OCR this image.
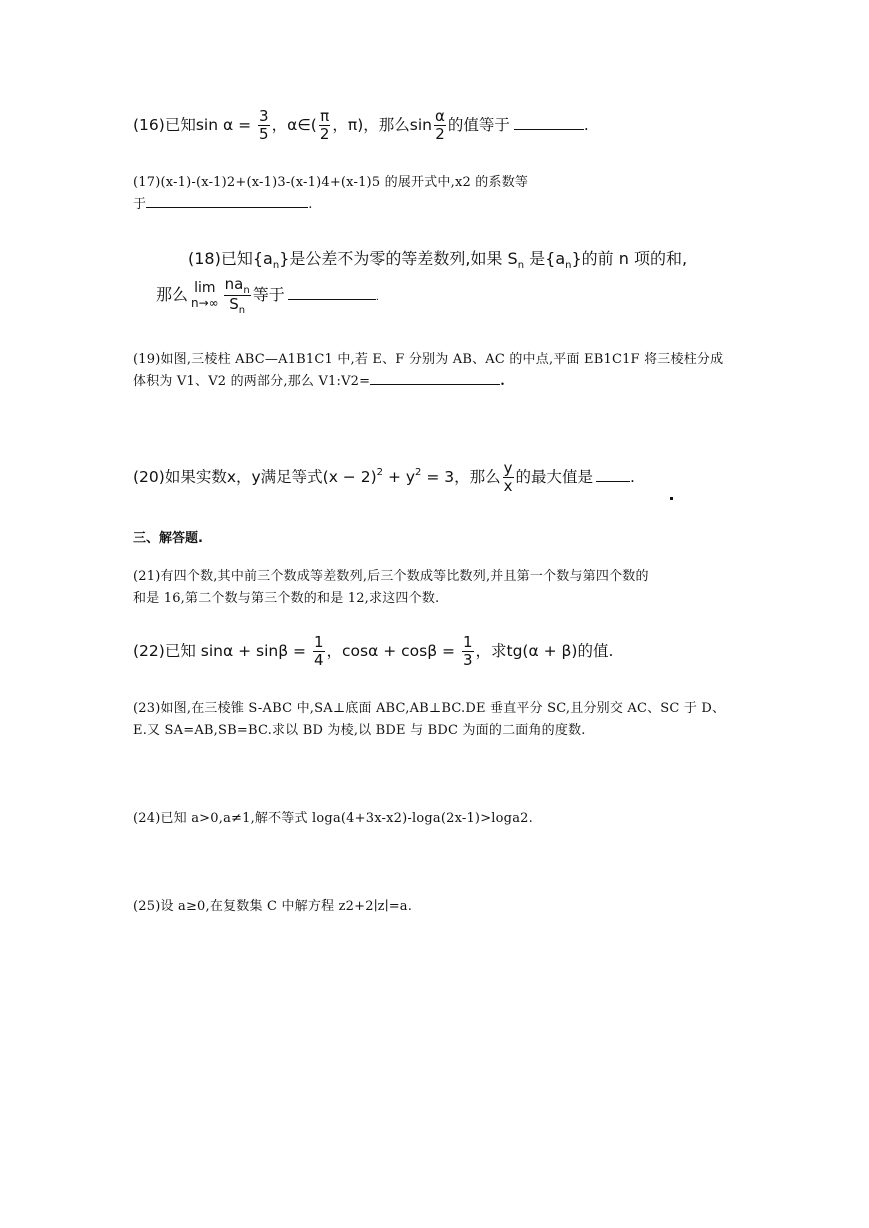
(16)已知$\sin \alpha = \frac{3}{5}$ ，α∈( $\frac{\pi}{2}$ ，π)，那么$\sin \frac{\alpha}{2}$ 的值等于	.
(17)(x-1)-(x-1)2+(x-1)3-(x-1)4+(x-1)5 的展开式中,x2 的系数等
于	.
(18)已知$\{a_n\}$是公差不为零的等差数列,如果 $S_n$ 是$\{a_n\}$的前 n 项的和,
那么 lim
$n\to\infty \frac{na_n}{S_n}$ 等于	.
(19)如图,三棱柱 ABC—A1B1C1 中,若 E、F 分别为 AB、AC 的中点,平面 EB1C1F 将三棱柱分成
体积为 V1、V2 的两部分,那么 V1:V2=	.
(20)如果实数x，y满足等式$(x - 2)^2 + y^2 = 3$，那么 $\frac{y}{x}$ 的最大值是 .
三、解答题.
(21)有四个数,其中前三个数成等差数列,后三个数成等比数列,并且第一个数与第四个数的
和是 16,第二个数与第三个数的和是 12,求这四个数.
(22)已知 $\sin\alpha + \sin\beta = \frac{1}{4}$ ，$\cos\alpha + \cos\beta = \frac{1}{3}$ ，求tg(α + β)的值.
(23)如图,在三棱锥 S-ABC 中,SA⊥底面 ABC,AB⊥BC.DE 垂直平分 SC,且分别交 AC、SC 于 D、
E.又 SA=AB,SB=BC.求以 BD 为棱,以 BDE 与 BDC 为面的二面角的度数.
(24)已知 a>0,a≠1,解不等式 loga(4+3x-x2)-loga(2x-1)>loga2.
(25)设 a≥0,在复数集 C 中解方程 z2+2∣z∣=a.
